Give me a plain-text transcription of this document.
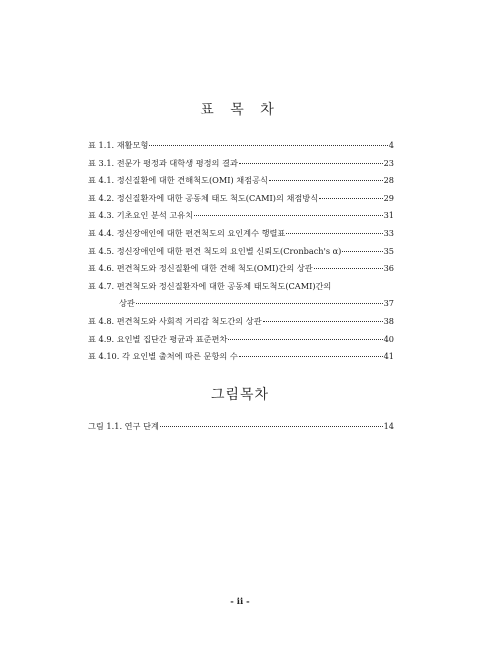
표 목 차
표 1.1. 재활모형	4
표 3.1. 전문가 평정과 대학생 평정의 결과	23
표 4.1. 정신질환에 대한 견해척도(OMI) 채점공식	28
표 4.2. 정신질환자에 대한 공동체 태도 척도(CAMI)의 채점방식	29
표 4.3. 기초요인 분석 고유치	31
표 4.4. 정신장애인에 대한 편견척도의 요인계수 행렬표	33
표 4.5. 정신장애인에 대한 편견 척도의 요인별 신뢰도(Cronbach's α)	35
표 4.6. 편견척도와 정신질환에 대한 견해 척도(OMI)간의 상관	36
표 4.7. 편견척도와 정신질환자에 대한 공동체 태도척도(CAMI)간의
상관	37
표 4.8. 편견척도와 사회적 거리감 척도간의 상관	38
표 4.9. 요인별 집단간 평균과 표준편차	40
표 4.10. 각 요인별 출처에 따른 문항의 수	41
그림목차
그림 1.1. 연구 단계	14
- ii -
